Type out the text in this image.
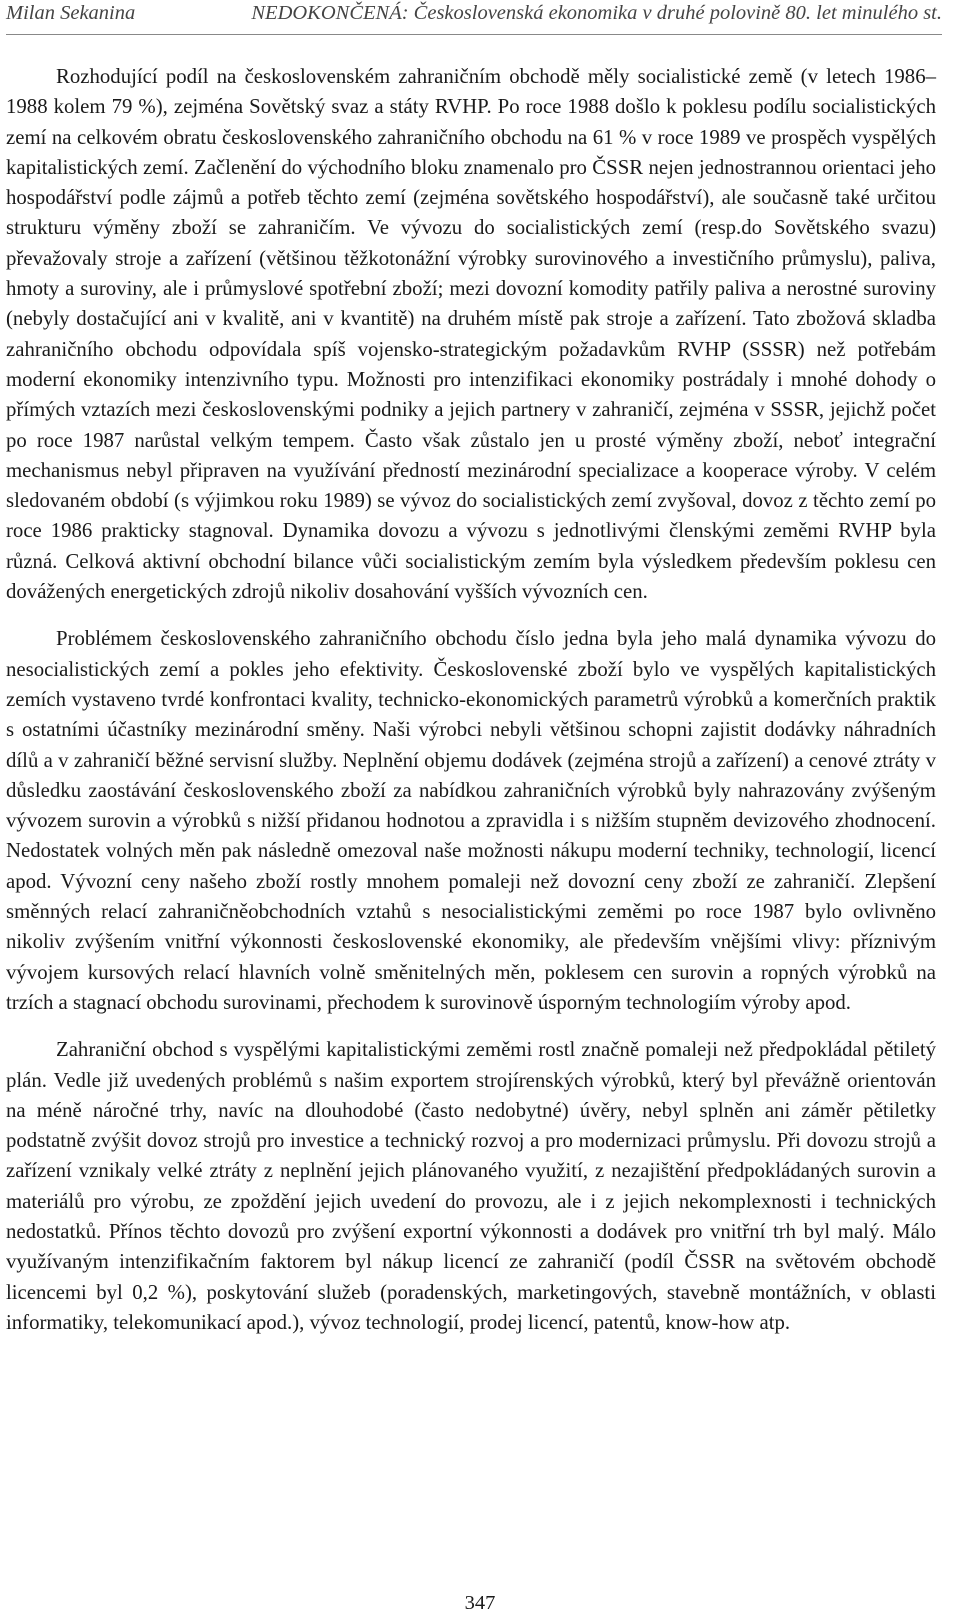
Milan Sekanina	NEDOKONČENÁ: Československá ekonomika v druhé polovině 80. let minulého st.

Rozhodující podíl na československém zahraničním obchodě měly socialistické země (v letech 1986–1988 kolem 79 %), zejména Sovětský svaz a státy RVHP. Po roce 1988 došlo k poklesu podílu socialistických zemí na celkovém obratu československého zahraničního obchodu na 61 % v roce 1989 ve prospěch vyspělých kapitalistických zemí. Začlenění do východního bloku znamenalo pro ČSSR nejen jednostrannou orientaci jeho hospodářství podle zájmů a potřeb těchto zemí (zejména sovětského hospodářství), ale současně také určitou strukturu výměny zboží se zahraničím. Ve vývozu do socialistických zemí (resp.do Sovětského svazu) převažovaly stroje a zařízení (většinou těžkotonážní výrobky surovinového a investičního průmyslu), paliva, hmoty a suroviny, ale i průmyslové spotřební zboží; mezi dovozní komodity patřily paliva a nerostné suroviny (nebyly dostačující ani v kvalitě, ani v kvantitě) na druhém místě pak stroje a zařízení. Tato zbožová skladba zahraničního obchodu odpovídala spíš vojensko-strategickým požadavkům RVHP (SSSR) než potřebám moderní ekonomiky intenzivního typu. Možnosti pro intenzifikaci ekonomiky postrádaly i mnohé dohody o přímých vztazích mezi československými podniky a jejich partnery v zahraničí, zejména v SSSR, jejichž počet po roce 1987 narůstal velkým tempem. Často však zůstalo jen u prosté výměny zboží, neboť integrační mechanismus nebyl připraven na využívání předností mezinárodní specializace a kooperace výroby. V celém sledovaném období (s výjimkou roku 1989) se vývoz do socialistických zemí zvyšoval, dovoz z těchto zemí po roce 1986 prakticky stagnoval. Dynamika dovozu a vývozu s jednotlivými členskými zeměmi RVHP byla různá. Celková aktivní obchodní bilance vůči socialistickým zemím byla výsledkem především poklesu cen dovážených energetických zdrojů nikoliv dosahování vyšších vývozních cen.

Problémem československého zahraničního obchodu číslo jedna byla jeho malá dynamika vývozu do nesocialistických zemí a pokles jeho efektivity. Československé zboží bylo ve vyspělých kapitalistických zemích vystaveno tvrdé konfrontaci kvality, technicko-ekonomických parametrů výrobků a komerčních praktik s ostatními účastníky mezinárodní směny. Naši výrobci nebyli většinou schopni zajistit dodávky náhradních dílů a v zahraničí běžné servisní služby. Neplnění objemu dodávek (zejména strojů a zařízení) a cenové ztráty v důsledku zaostávání československého zboží za nabídkou zahraničních výrobků byly nahrazovány zvýšeným vývozem surovin a výrobků s nižší přidanou hodnotou a zpravidla i s nižším stupněm devizového zhodnocení. Nedostatek volných měn pak následně omezoval naše možnosti nákupu moderní techniky, technologií, licencí apod. Vývozní ceny našeho zboží rostly mnohem pomaleji než dovozní ceny zboží ze zahraničí. Zlepšení směnných relací zahraničněobchodních vztahů s nesocialistickými zeměmi po roce 1987 bylo ovlivněno nikoliv zvýšením vnitřní výkonnosti československé ekonomiky, ale především vnějšími vlivy: příznivým vývojem kursových relací hlavních volně směnitelných měn, poklesem cen surovin a ropných výrobků na trzích a stagnací obchodu surovinami, přechodem k surovinově úsporným technologiím výroby apod.

Zahraniční obchod s vyspělými kapitalistickými zeměmi rostl značně pomaleji než předpokládal pětiletý plán. Vedle již uvedených problémů s našim exportem strojírenských výrobků, který byl převážně orientován na méně náročné trhy, navíc na dlouhodobé (často nedobytné) úvěry, nebyl splněn ani záměr pětiletky podstatně zvýšit dovoz strojů pro investice a technický rozvoj a pro modernizaci průmyslu. Při dovozu strojů a zařízení vznikaly velké ztráty z neplnění jejich plánovaného využití, z nezajištění předpokládaných surovin a materiálů pro výrobu, ze zpoždění jejich uvedení do provozu, ale i z jejich nekomplexnosti i technických nedostatků. Přínos těchto dovozů pro zvýšení exportní výkonnosti a dodávek pro vnitřní trh byl malý. Málo využívaným intenzifikačním faktorem byl nákup licencí ze zahraničí (podíl ČSSR na světovém obchodě licencemi byl 0,2 %), poskytování služeb (poradenských, marketingových, stavebně montážních, v oblasti informatiky, telekomunikací apod.), vývoz technologií, prodej licencí, patentů, know-how atp.

347
